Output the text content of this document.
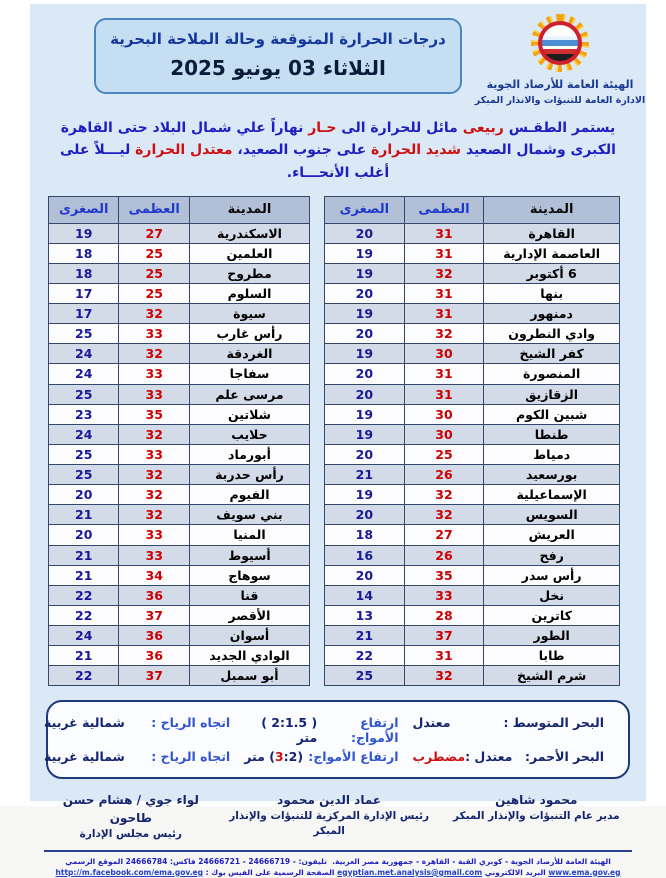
الهيئة العامة للأرصاد الجوية
الادارة العامة للتنبؤات والانذار المبكر
درجات الحرارة المتوقعة وحالة الملاحة البحرية
الثلاثاء 03 يونيو 2025
يستمر الطقـس ربيعى مائل للحرارة الى حـار نهاراً علي شمال البلاد حتى القاهرة الكبرى وشمال الصعيد شديد الحرارة على جنوب الصعيد، معتدل الحرارة ليـــلاً على أغلب الأنحـــاء.
المدينة	العظمى	الصغرى
القاهرة	31	20
العاصمة الإدارية	31	19
6 أكتوبر	32	19
بنها	31	20
دمنهور	31	19
وادي النطرون	32	20
كفر الشيخ	30	19
المنصورة	31	20
الزقازيق	31	20
شبين الكوم	30	19
طنطا	30	19
دمياط	25	20
بورسعيد	26	21
الإسماعيلية	32	19
السويس	32	20
العريش	27	18
رفح	26	16
رأس سدر	35	20
نخل	33	14
كاترين	28	13
الطور	37	21
طابا	31	22
شرم الشيخ	32	25
المدينة	العظمى	الصغرى
الاسكندرية	27	19
العلمين	25	18
مطروح	25	18
السلوم	25	17
سيوة	32	17
رأس غارب	33	25
الغردقة	32	24
سفاجا	33	24
مرسى علم	33	25
شلاتين	35	23
حلايب	32	24
أبورماد	33	25
رأس حدربة	32	25
الفيوم	32	20
بني سويف	32	21
المنيا	33	20
أسيوط	33	21
سوهاج	34	21
قنا	36	22
الأقصر	37	22
أسوان	36	24
الوادي الجديد	36	21
أبو سمبل	37	22
البحر المتوسط :
معتدل
ارتفاع الأمواج:
( 2:1.5 ) متر
اتجاه الرياح :
شمالية غربية
البحر الأحمر:
معتدل :مضطرب
ارتفاع الأمواج:
(3:2) متر
اتجاه الرياح :
شمالية غربية
محمود شاهين
مدير عام التنبؤات والإنذار المبكر
عماد الدين محمود
رئيس الإدارة المركزية للتنبؤات والإنذار المبكر
لواء جوي / هشام حسن طاحون
رئيس مجلس الإدارة
الهيئة العامة للأرصاد الجوية - كوبري القبة - القاهرة - جمهورية مصر العربية.  تليفون: - 24666719 - 24666721 فاكس: 24666784 الموقع الرسمي www.ema.gov.eg البريد الالكتروني egyptian.met.analysis@gmail.com الصفحة الرسمية على الفيس بوك : http://m.facebook.com/ema.gov.eg
